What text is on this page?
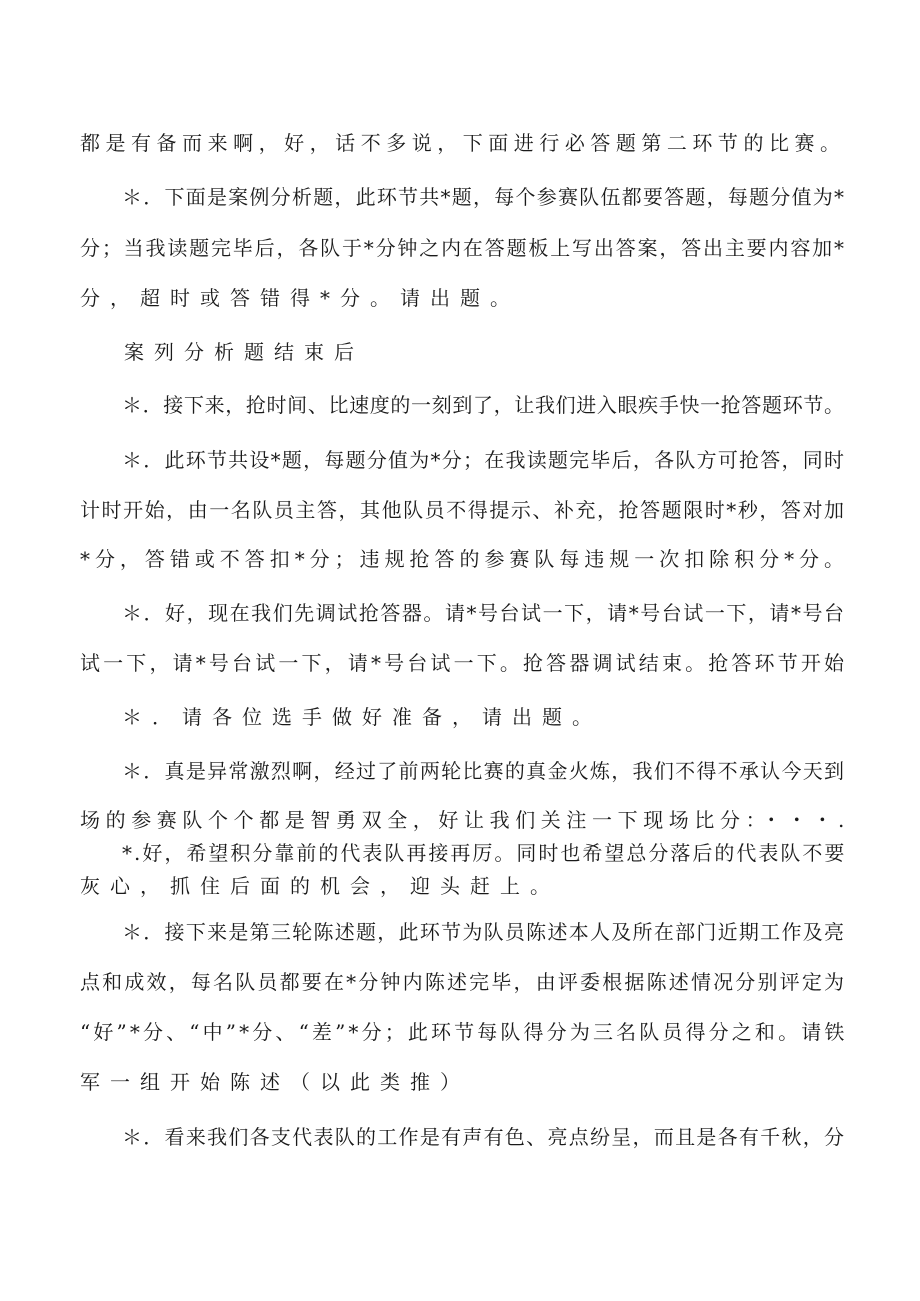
都是有备而来啊，好，话不多说，下面进行必答题第二环节的比赛。
＊．下面是案例分析题，此环节共*题，每个参赛队伍都要答题，每题分值为*
分；当我读题完毕后，各队于*分钟之内在答题板上写出答案，答出主要内容加*
分，超时或答错得*分。请出题。
案列分析题结束后
＊．接下来，抢时间、比速度的一刻到了，让我们进入眼疾手快一抢答题环节。
＊．此环节共设*题，每题分值为*分；在我读题完毕后，各队方可抢答，同时
计时开始，由一名队员主答，其他队员不得提示、补充，抢答题限时*秒，答对加
*分，答错或不答扣*分；违规抢答的参赛队每违规一次扣除积分*分。
＊．好，现在我们先调试抢答器。请*号台试一下，请*号台试一下，请*号台
试一下，请*号台试一下，请*号台试一下。抢答器调试结束。抢答环节开始
＊．请各位选手做好准备，请出题。
＊．真是异常激烈啊，经过了前两轮比赛的真金火炼，我们不得不承认今天到
场的参赛队个个都是智勇双全，好让我们关注一下现场比分：・・・.
*.好，希望积分靠前的代表队再接再厉。同时也希望总分落后的代表队不要
灰心，抓住后面的机会，迎头赶上。
＊．接下来是第三轮陈述题，此环节为队员陈述本人及所在部门近期工作及亮
点和成效，每名队员都要在*分钟内陈述完毕，由评委根据陈述情况分别评定为
“好”*分、“中”*分、“差”*分；此环节每队得分为三名队员得分之和。请铁
军一组开始陈述（以此类推）
＊．看来我们各支代表队的工作是有声有色、亮点纷呈，而且是各有千秋，分
